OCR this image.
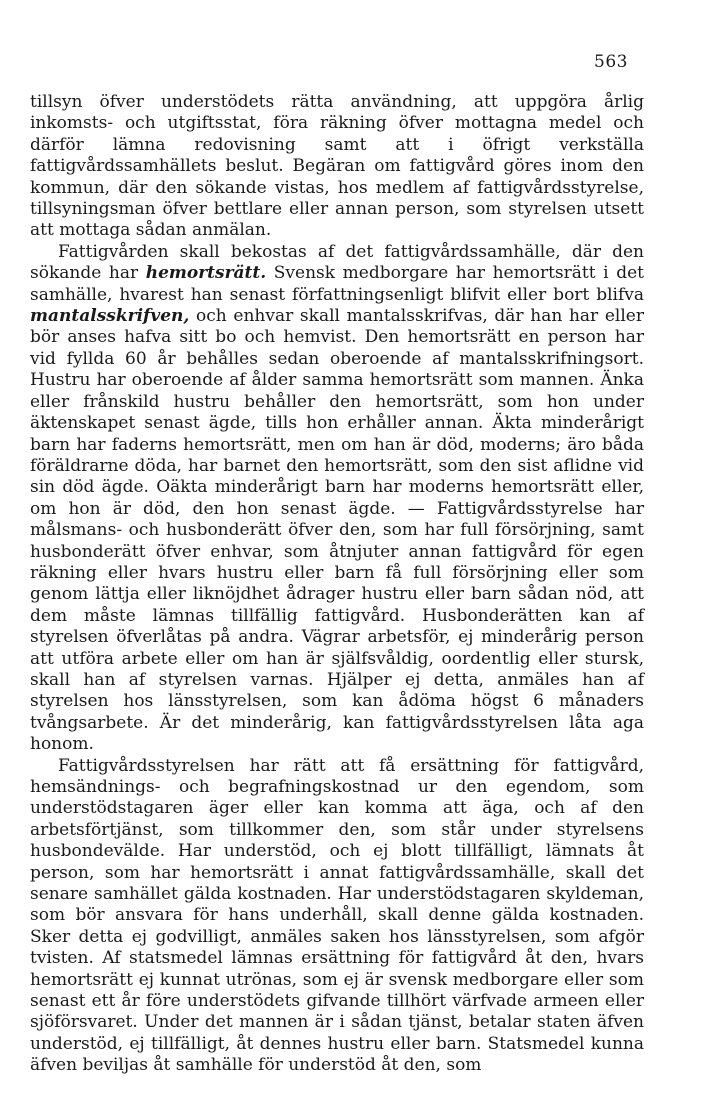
563

tillsyn öfver understödets rätta användning, att uppgöra årlig inkomsts- och utgiftsstat, föra räkning öfver mottagna medel och därför lämna redovisning samt att i öfrigt verkställa fattigvårdssamhällets beslut. Begäran om fattigvård göres inom den kommun, där den sökande vistas, hos medlem af fattigvårdsstyrelse, tillsyningsman öfver bettlare eller annan person, som styrelsen utsett att mottaga sådan anmälan.

Fattigvården skall bekostas af det fattigvårdssamhälle, där den sökande har hemortsrätt. Svensk medborgare har hemortsrätt i det samhälle, hvarest han senast författningsenligt blifvit eller bort blifva mantalsskrifven, och enhvar skall mantalsskrifvas, där han har eller bör anses hafva sitt bo och hemvist. Den hemortsrätt en person har vid fyllda 60 år behålles sedan oberoende af mantalsskrifningsort. Hustru har oberoende af ålder samma hemortsrätt som mannen. Änka eller frånskild hustru behåller den hemortsrätt, som hon under äktenskapet senast ägde, tills hon erhåller annan. Äkta minderårigt barn har faderns hemortsrätt, men om han är död, moderns; äro båda föräldrarne döda, har barnet den hemortsrätt, som den sist aflidne vid sin död ägde. Oäkta minderårigt barn har moderns hemortsrätt eller, om hon är död, den hon senast ägde. — Fattigvårdsstyrelse har målsmans- och husbonderätt öfver den, som har full försörjning, samt husbonderätt öfver enhvar, som åtnjuter annan fattigvård för egen räkning eller hvars hustru eller barn få full försörjning eller som genom lättja eller liknöjdhet ådrager hustru eller barn sådan nöd, att dem måste lämnas tillfällig fattigvård. Husbonderätten kan af styrelsen öfverlåtas på andra. Vägrar arbetsför, ej minderårig person att utföra arbete eller om han är själfsvåldig, oordentlig eller stursk, skall han af styrelsen varnas. Hjälper ej detta, anmäles han af styrelsen hos länsstyrelsen, som kan ådöma högst 6 månaders tvångsarbete. Är det minderårig, kan fattigvårdsstyrelsen låta aga honom.

Fattigvårdsstyrelsen har rätt att få ersättning för fattigvård, hemsändnings- och begrafningskostnad ur den egendom, som understödstagaren äger eller kan komma att äga, och af den arbetsförtjänst, som tillkommer den, som står under styrelsens husbondevälde. Har understöd, och ej blott tillfälligt, lämnats åt person, som har hemortsrätt i annat fattigvårdssamhälle, skall det senare samhället gälda kostnaden. Har understödstagaren skyldeman, som bör ansvara för hans underhåll, skall denne gälda kostnaden. Sker detta ej godvilligt, anmäles saken hos länsstyrelsen, som afgör tvisten. Af statsmedel lämnas ersättning för fattigvård åt den, hvars hemortsrätt ej kunnat utrönas, som ej är svensk medborgare eller som senast ett år före understödets gifvande tillhört värfvade armeen eller sjöförsvaret. Under det mannen är i sådan tjänst, betalar staten äfven understöd, ej tillfälligt, åt dennes hustru eller barn. Statsmedel kunna äfven beviljas åt samhälle för understöd åt den, som
